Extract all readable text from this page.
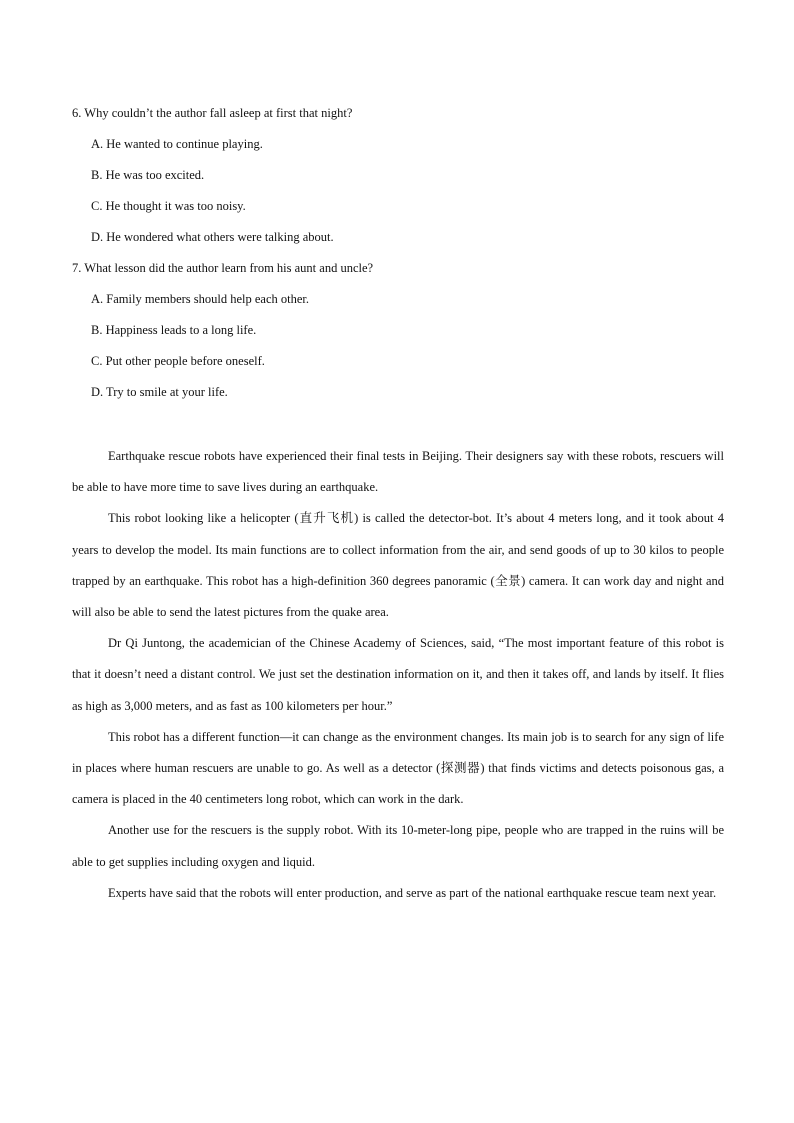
6. Why couldn’t the author fall asleep at first that night?
A. He wanted to continue playing.
B. He was too excited.
C. He thought it was too noisy.
D. He wondered what others were talking about.
7. What lesson did the author learn from his aunt and uncle?
A. Family members should help each other.
B. Happiness leads to a long life.
C. Put other people before oneself.
D. Try to smile at your life.

Earthquake rescue robots have experienced their final tests in Beijing. Their designers say with these robots, rescuers will be able to have more time to save lives during an earthquake.

This robot looking like a helicopter (直升飞机) is called the detector-bot. It’s about 4 meters long, and it took about 4 years to develop the model. Its main functions are to collect information from the air, and send goods of up to 30 kilos to people trapped by an earthquake. This robot has a high-definition 360 degrees panoramic (全景) camera. It can work day and night and will also be able to send the latest pictures from the quake area.

Dr Qi Juntong, the academician of the Chinese Academy of Sciences, said, “The most important feature of this robot is that it doesn’t need a distant control. We just set the destination information on it, and then it takes off, and lands by itself. It flies as high as 3,000 meters, and as fast as 100 kilometers per hour.”

This robot has a different function—it can change as the environment changes. Its main job is to search for any sign of life in places where human rescuers are unable to go. As well as a detector (探测器) that finds victims and detects poisonous gas, a camera is placed in the 40 centimeters long robot, which can work in the dark.

Another use for the rescuers is the supply robot. With its 10-meter-long pipe, people who are trapped in the ruins will be able to get supplies including oxygen and liquid.

Experts have said that the robots will enter production, and serve as part of the national earthquake rescue team next year.
